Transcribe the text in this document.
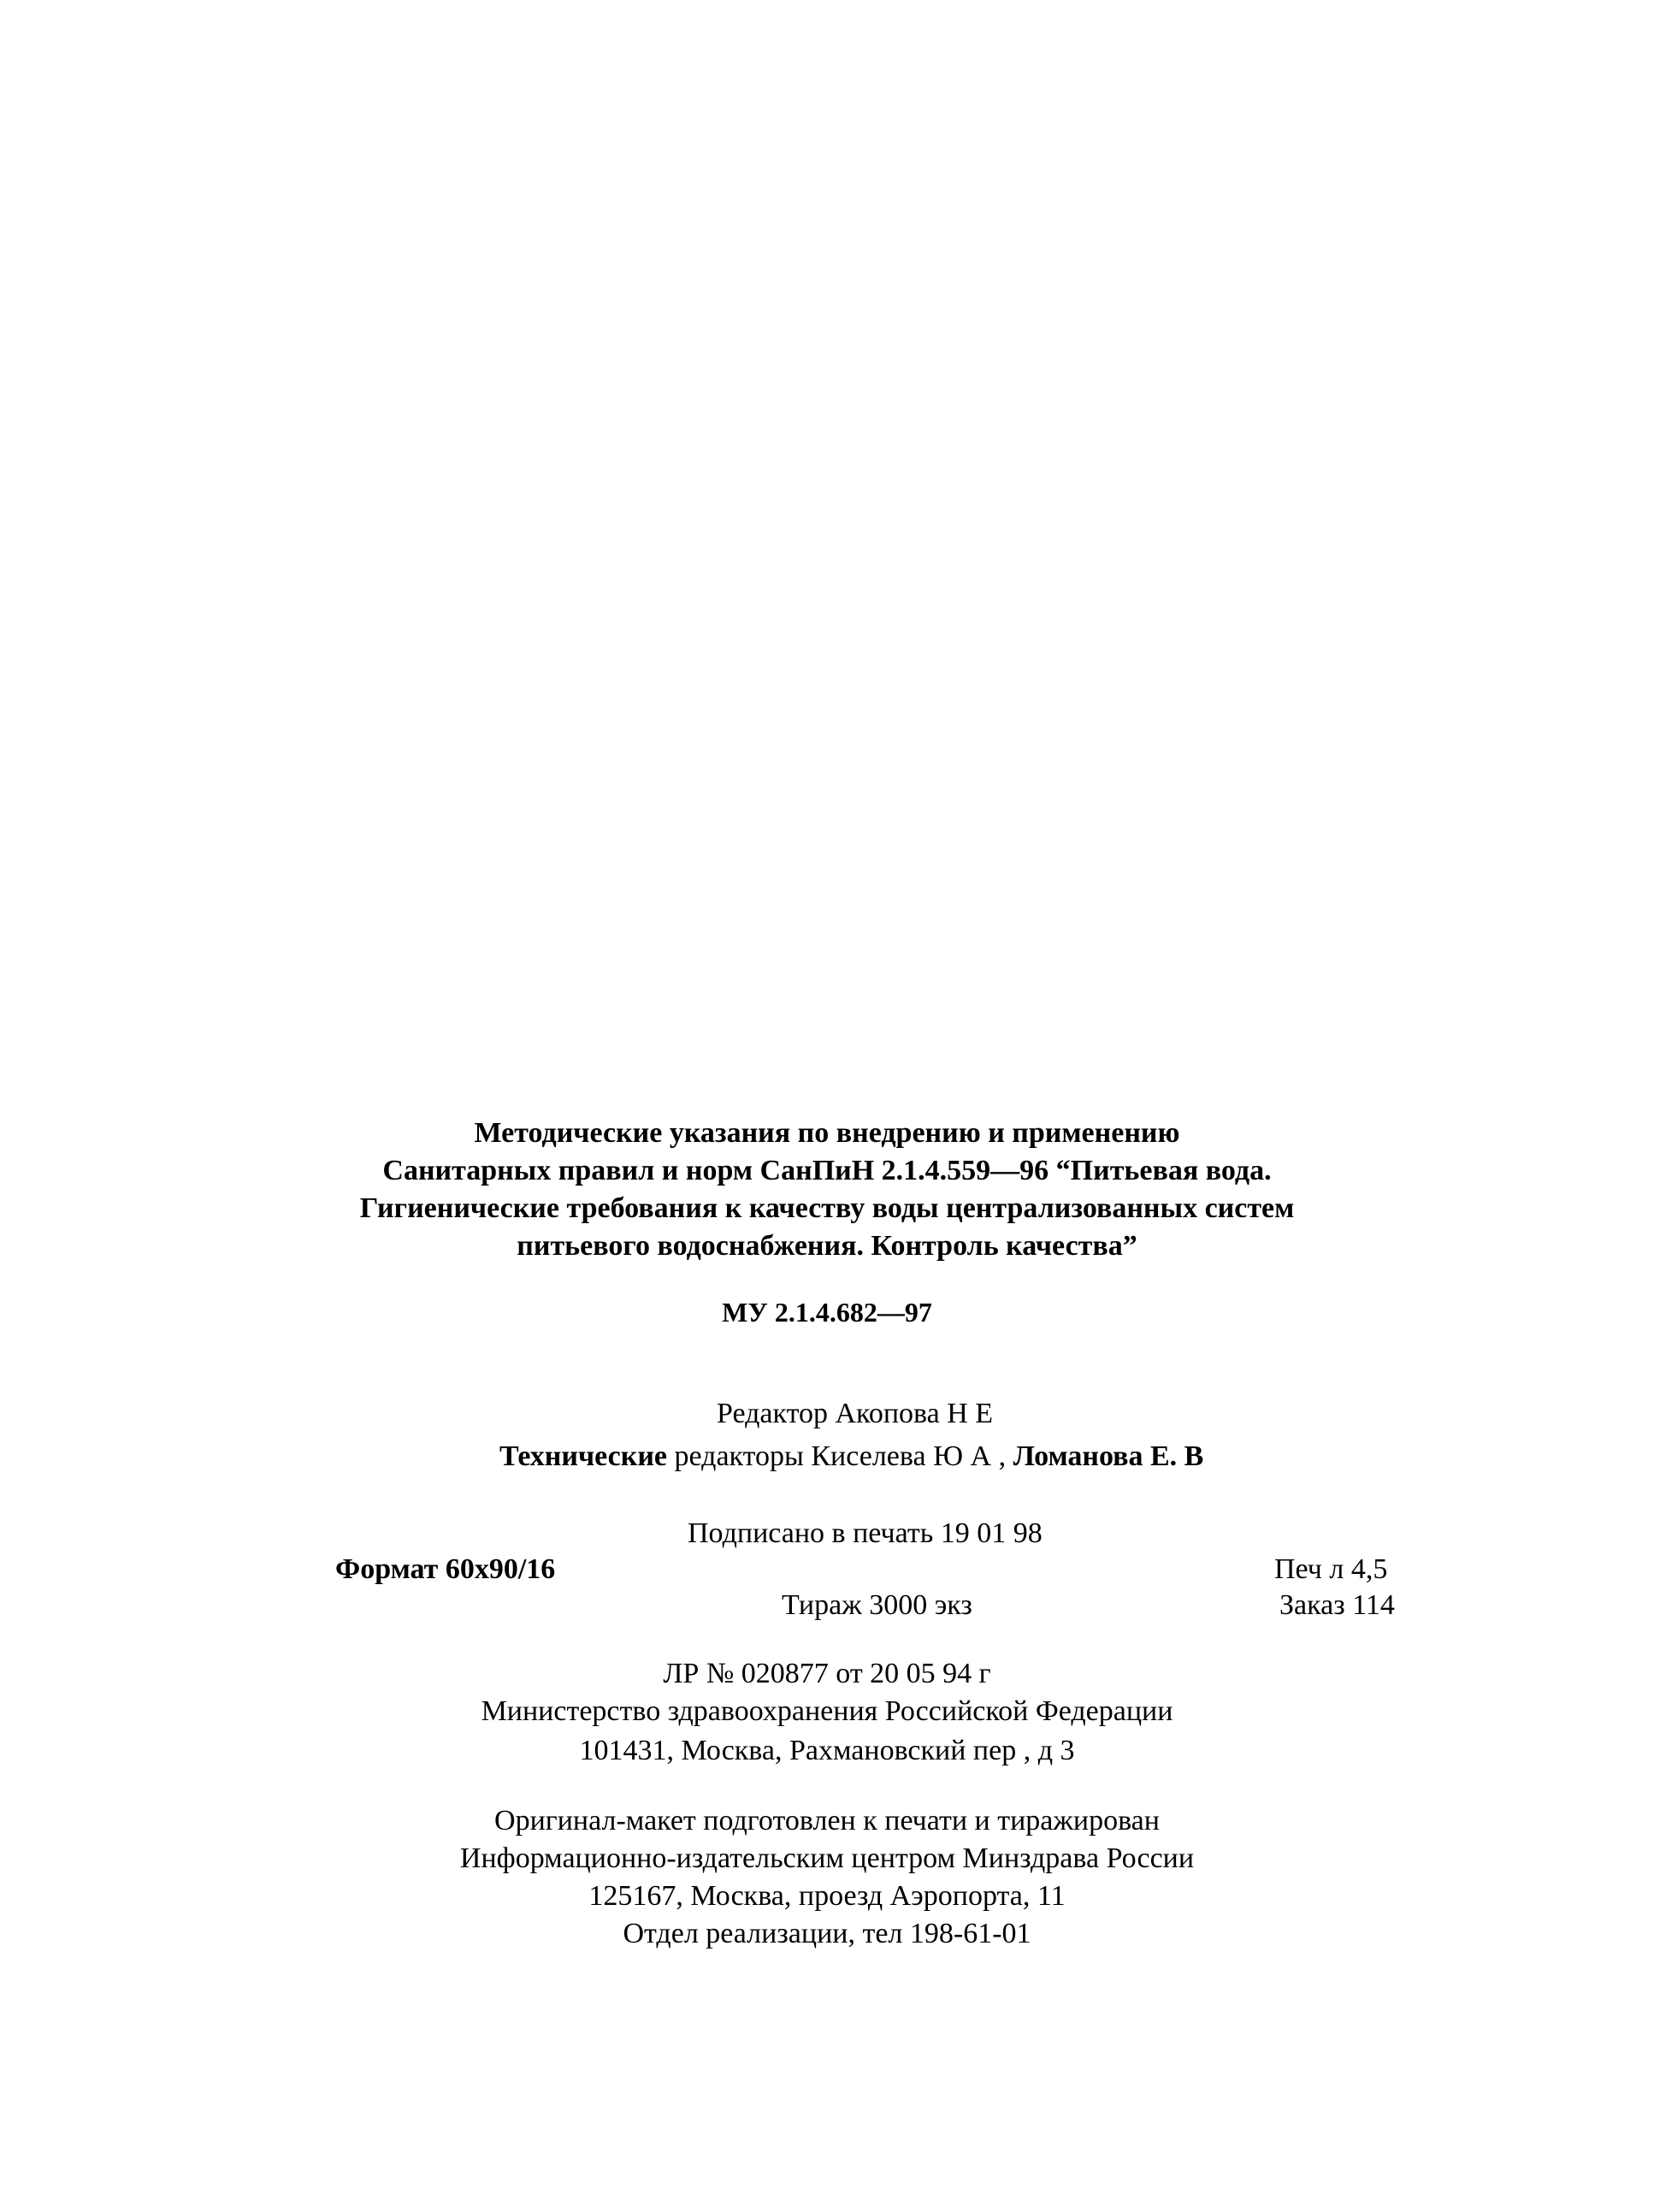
Методические указания по внедрению и применению
Санитарных правил и норм СанПиН 2.1.4.559—96 “Питьевая вода.
Гигиенические требования к качеству воды централизованных систем
питьевого водоснабжения. Контроль качества”
МУ 2.1.4.682—97
Редактор Акопова Н Е
Технические редакторы Киселева Ю А , Ломанова Е. В
Подписано в печать 19 01 98
Формат 60x90/16	Печ л 4,5
Тираж 3000 экз	Заказ 114
ЛР № 020877 от 20 05 94 г
Министерство здравоохранения Российской Федерации
101431, Москва, Рахмановский пер , д 3
Оригинал-макет подготовлен к печати и тиражирован
Информационно-издательским центром Минздрава России
125167, Москва, проезд Аэропорта, 11
Отдел реализации, тел 198-61-01
